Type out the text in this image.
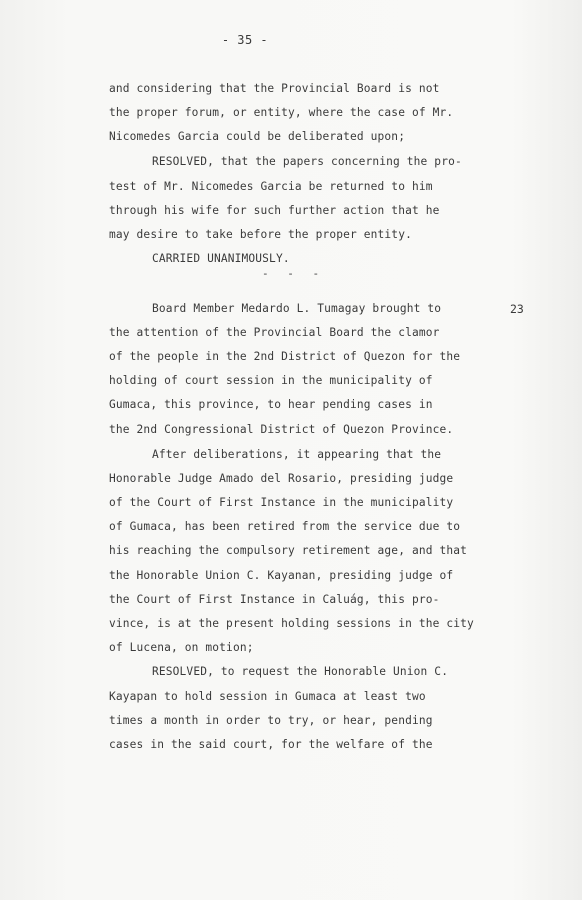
- 35 -
and considering that the Provincial Board is not
the proper forum, or entity, where the case of Mr.
Nicomedes Garcia could be deliberated upon;
RESOLVED, that the papers concerning the pro-
test of Mr. Nicomedes Garcia be returned to him
through his wife for such further action that he
may desire to take before the proper entity.
CARRIED UNANIMOUSLY.
- - -
23
Board Member Medardo L. Tumagay brought to
the attention of the Provincial Board the clamor
of the people in the 2nd District of Quezon for the
holding of court session in the municipality of
Gumaca, this province, to hear pending cases in
the 2nd Congressional District of Quezon Province.
After deliberations, it appearing that the
Honorable Judge Amado del Rosario, presiding judge
of the Court of First Instance in the municipality
of Gumaca, has been retired from the service due to
his reaching the compulsory retirement age, and that
the Honorable Union C. Kayanan, presiding judge of
the Court of First Instance in Caluág, this pro-
vince, is at the present holding sessions in the city
of Lucena, on motion;
RESOLVED, to request the Honorable Union C.
Kayapan to hold session in Gumaca at least two
times a month in order to try, or hear, pending
cases in the said court, for the welfare of the
